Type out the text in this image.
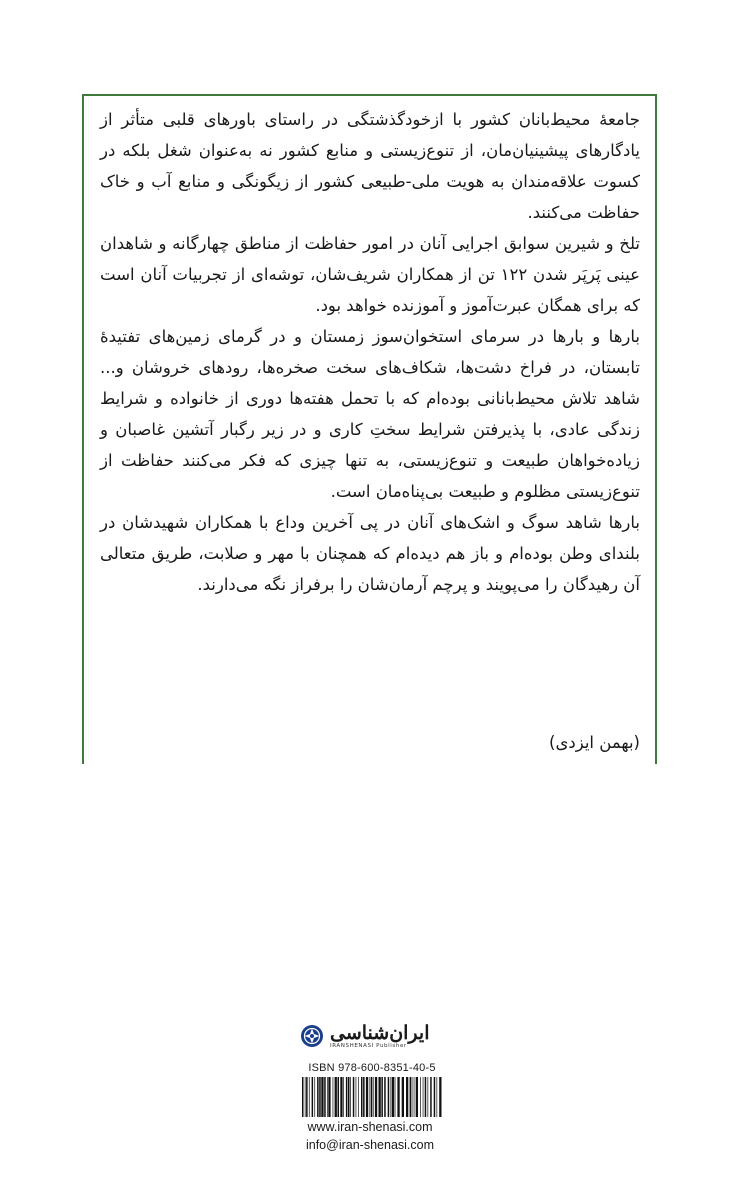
جامعهٔ محیط‌بانان کشور با ازخودگذشتگی در راستای باورهای قلبی متأثر از یادگارهای پیشینیان‌مان، از تنوع‌زیستی و منابع کشور نه به‌عنوان شغل بلکه در کسوت علاقه‌مندان به هویت ملی-طبیعی کشور از زیگونگی و منابع آب و خاک حفاظت می‌کنند.

تلخ و شیرین سوابق اجرایی آنان در امور حفاظت از مناطق چهارگانه و شاهدان عینی پَرپَر شدن ۱۲۲ تن از همکاران شریف‌شان، توشه‌ای از تجربیات آنان است که برای همگان عبرت‌آموز و آموزنده خواهد بود.

بارها و بارها در سرمای استخوان‌سوز زمستان و در گرمای زمین‌های تفتیدهٔ تابستان، در فراخ دشت‌ها، شکاف‌های سخت صخره‌ها، رودهای خروشان و... شاهد تلاش محیط‌بانانی بوده‌ام که با تحمل هفته‌ها دوری از خانواده و شرایط زندگی عادی، با پذیرفتن شرایط سختِ کاری و در زیر رگبار آتشین غاصبان و زیاده‌خواهان طبیعت و تنوع‌زیستی، به تنها چیزی که فکر می‌کنند حفاظت از تنوع‌زیستی مظلوم و طبیعت بی‌پناه‌مان است.

بارها شاهد سوگ و اشک‌های آنان در پی آخرین وداع با همکاران شهیدشان در بلندای وطن بوده‌ام و باز هم دیده‌ام که همچنان با مهر و صلابت، طریق متعالی آن رهیدگان را می‌پویند و پرچم آرمان‌شان را برفراز نگه می‌دارند.

(بهمن ایزدی)
ایران‌شناسی
IRANSHENASI Publisher
ISBN 978-600-8351-40-5
www.iran-shenasi.com
info@iran-shenasi.com
